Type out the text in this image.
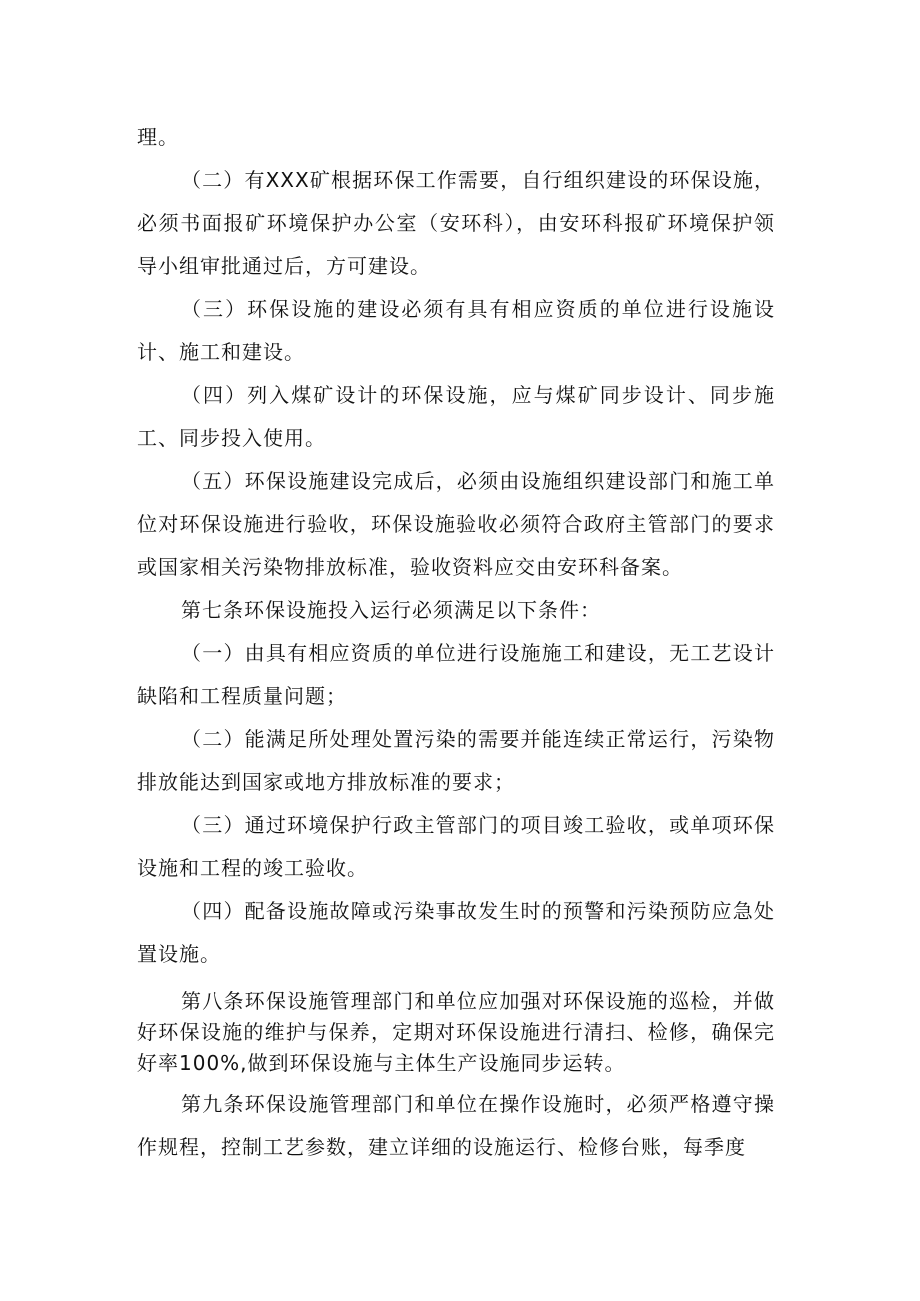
理。

（二）有XXX矿根据环保工作需要，自行组织建设的环保设施，必须书面报矿环境保护办公室（安环科），由安环科报矿环境保护领导小组审批通过后，方可建设。

（三）环保设施的建设必须有具有相应资质的单位进行设施设计、施工和建设。

（四）列入煤矿设计的环保设施，应与煤矿同步设计、同步施工、同步投入使用。

（五）环保设施建设完成后，必须由设施组织建设部门和施工单位对环保设施进行验收，环保设施验收必须符合政府主管部门的要求或国家相关污染物排放标准，验收资料应交由安环科备案。

第七条环保设施投入运行必须满足以下条件：

（一）由具有相应资质的单位进行设施施工和建设，无工艺设计缺陷和工程质量问题；

（二）能满足所处理处置污染的需要并能连续正常运行，污染物排放能达到国家或地方排放标准的要求；

（三）通过环境保护行政主管部门的项目竣工验收，或单项环保设施和工程的竣工验收。

（四）配备设施故障或污染事故发生时的预警和污染预防应急处置设施。

第八条环保设施管理部门和单位应加强对环保设施的巡检，并做好环保设施的维护与保养，定期对环保设施进行清扫、检修，确保完好率100%,做到环保设施与主体生产设施同步运转。

第九条环保设施管理部门和单位在操作设施时，必须严格遵守操作规程，控制工艺参数，建立详细的设施运行、检修台账，每季度
